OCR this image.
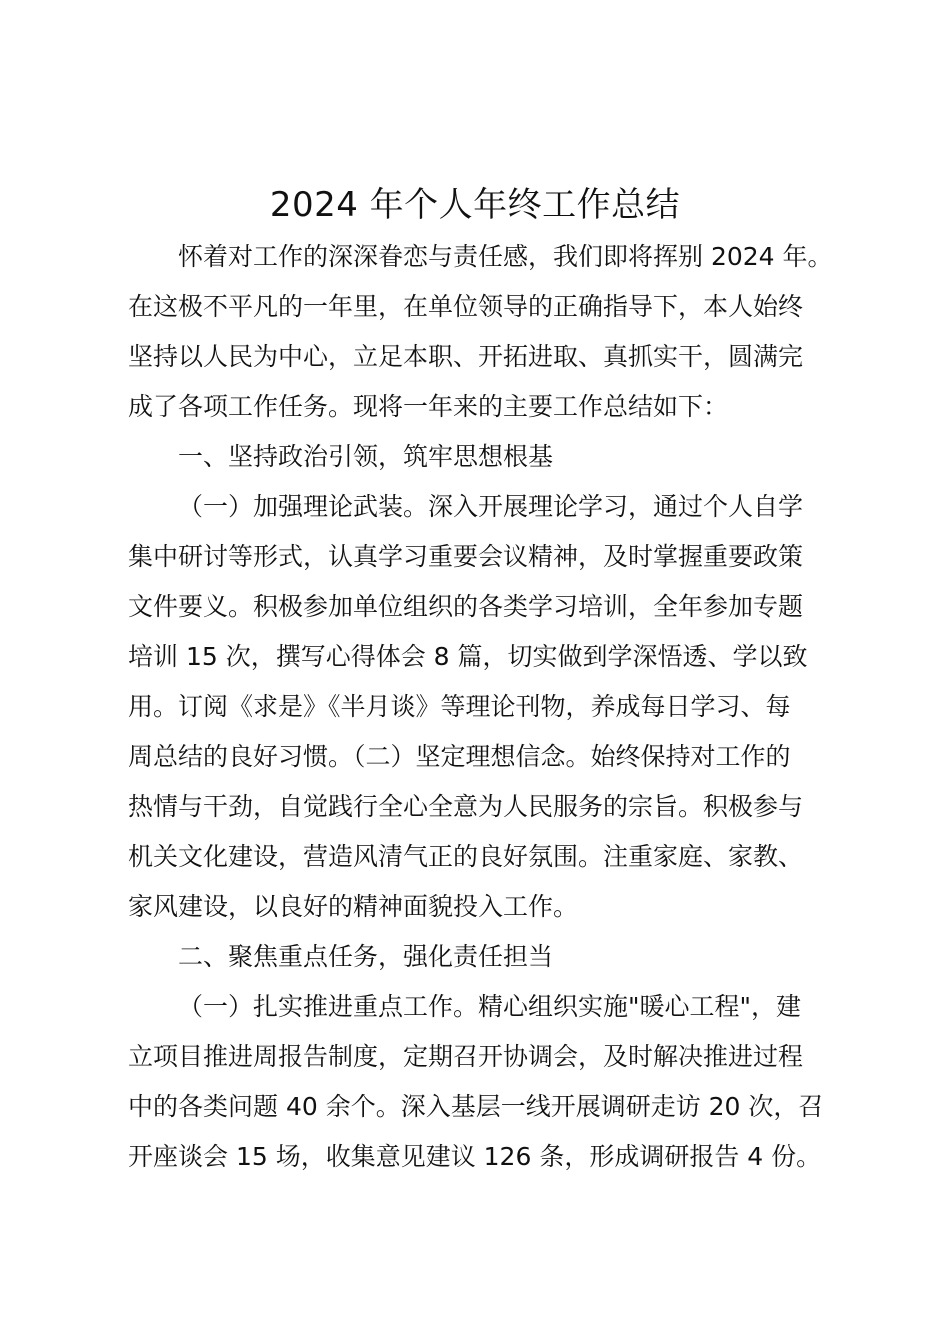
2024 年个人年终工作总结
怀着对工作的深深眷恋与责任感，我们即将挥别 2024 年。
在这极不平凡的一年里，在单位领导的正确指导下，本人始终
坚持以人民为中心，立足本职、开拓进取、真抓实干，圆满完
成了各项工作任务。现将一年来的主要工作总结如下：
一、坚持政治引领，筑牢思想根基
（一）加强理论武装。深入开展理论学习，通过个人自学
集中研讨等形式，认真学习重要会议精神，及时掌握重要政策
文件要义。积极参加单位组织的各类学习培训，全年参加专题
培训 15 次，撰写心得体会 8 篇，切实做到学深悟透、学以致
用。订阅《求是》《半月谈》等理论刊物，养成每日学习、每
周总结的良好习惯。（二）坚定理想信念。始终保持对工作的
热情与干劲，自觉践行全心全意为人民服务的宗旨。积极参与
机关文化建设，营造风清气正的良好氛围。注重家庭、家教、
家风建设，以良好的精神面貌投入工作。
二、聚焦重点任务，强化责任担当
（一）扎实推进重点工作。精心组织实施"暖心工程"，建
立项目推进周报告制度，定期召开协调会，及时解决推进过程
中的各类问题 40 余个。深入基层一线开展调研走访 20 次，召
开座谈会 15 场，收集意见建议 126 条，形成调研报告 4 份。
